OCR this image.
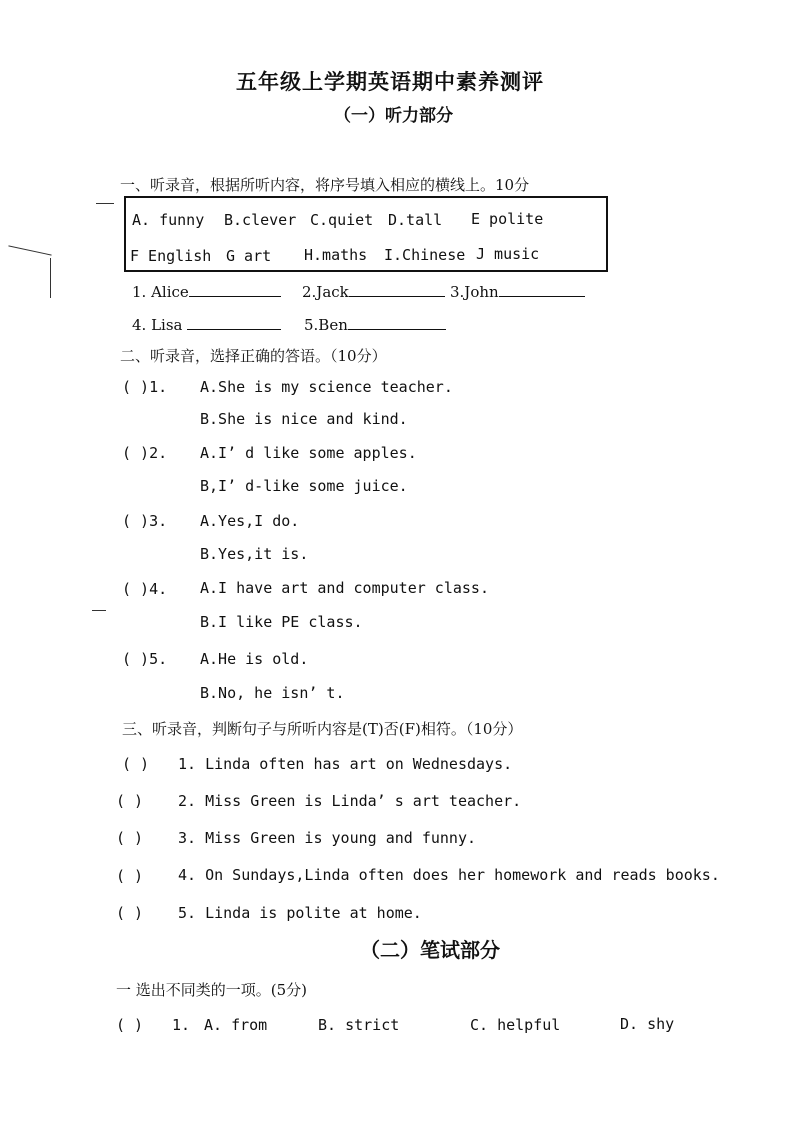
五年级上学期英语期中素养测评
（一）听力部分
一、听录音，根据所听内容，将序号填入相应的横线上。10分
A. funny B.clever C.quiet D.tall E polite
F English G art H.maths I.Chinese J music
1. Alice	2.Jack	3.John
4. Lisa	5.Ben
二、听录音，选择正确的答语。（10分）
( )1. A.She is my science teacher.
B.She is nice and kind.
( )2. A.I’ d like some apples.
B,I’ d-like some juice.
( )3. A.Yes,I do.
B.Yes,it is.
( )4. A.I have art and computer class.
B.I like PE class.
( )5. A.He is old.
B.No, he isn’ t.
三、听录音，判断句子与所听内容是(T)否(F)相符。（10分）
( ) 1. Linda often has art on Wednesdays.
( ) 2. Miss Green is Linda’ s art teacher.
( ) 3. Miss Green is young and funny.
( ) 4. On Sundays,Linda often does her homework and reads books.
( ) 5. Linda is polite at home.
（二）笔试部分
一 选出不同类的一项。(5分)
( ) 1. A. from	B. strict	C. helpful	D. shy
